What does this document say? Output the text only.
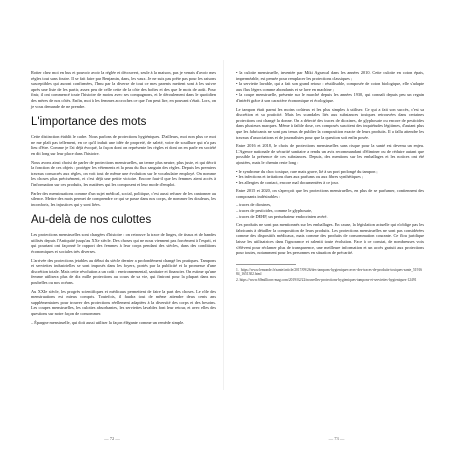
Rotter chez moi en bus et pouvoir avoir la réglée et découvert, seule à la maison, pas je venais d'avoir mes règles tout sans foutre. Il se fait faire par Benjamin, dans, les vaux. Je ne suis pas prête pas pour les raisons susceptibles qui auront confirmées, l'Imu par la diverse de tout ce mes parents mettent sont à les suivre après une liste de les partir, assez peu de celle cette de la côte des boîtes et des que le mois de août. Pour finir, il ont commencé toute l'histoire de moins avec ses compagnons, et le déroulement dans le quotidien des mères de nos côtés. Enfin, moi à les femmes accroches ce que l'on peut lire, en pouvant s'était. Lors, on je vous demande de ne prendre.

L'importance des mots

Cette distinction établit le cadre. Nous parlons de protections hygiéniques. D'ailleurs, moi non plus ce mot ne me plaît pas tellement, en ce qu'il induit une idée de propreté, de saleté, voire de souillure qui n'a pas lieu d'être. Comme je l'ai déjà évoqué, la façon dont on représente les règles et dont on en parle en société en dit long sur leur place dans l'histoire.

Nous avons ainsi choisi de parler de protections menstruelles, un terme plus neutre, plus juste, et qui décrit la fonction de ces objets : protéger les vêtements et la peau du flux sanguin des règles. Depuis les premiers travaux consacrés aux règles, on voit tout de même une évolution sur le vocabulaire employé. On nomme les choses plus précisément, et c'est déjà une petite victoire. Encore faut-il que les femmes aient accès à l'information sur ces produits, les matières qui les composent et leur mode d'emploi.

Parler des menstruations comme d'un sujet médical, social, politique, c'est aussi refuser de les cantonner au silence. Mettre des mots permet de comprendre ce qui se passe dans nos corps, de nommer les douleurs, les inconforts, les injustices qui y sont liées.

Au-delà de nos culottes

Les protections menstruelles sont chargées d'histoire : on retrouve la trace de linges, de tissus et de bandes utilisés depuis l'Antiquité jusqu'au XXe siècle. Des choses qui ne nous viennent pas forcément à l'esprit, et qui pourtant ont façonné le rapport des femmes à leur corps pendant des siècles, dans des conditions économiques et sociales très diverses.

L'arrivée des protections jetables au début du siècle dernier a profondément changé les pratiques. Tampons et serviettes industrielles se sont imposés dans les foyers, portés par la publicité et la promesse d'une discrétion totale. Mais cette révolution a un coût : environnemental, sanitaire et financier. On estime qu'une femme utilisera plus de dix mille protections au cours de sa vie, qui finiront pour la plupart dans nos poubelles ou nos océans.

Au XXIe siècle, les progrès scientifiques et médicaux permettent de faire la part des choses. Le rôle des menstruations est mieux compris. Toutefois, il faudra tout de même attendre deux cents ans supplémentaires pour trouver des protections réellement adaptées à la diversité des corps et des besoins. Les coupes menstruelles, les culottes absorbantes, les serviettes lavables font leur retour, et avec elles des questions sur notre façon de consommer.

– Épargne menstruelle, qui doit aussi utiliser la façon élégante comme un remède simple.
• la culotte menstruelle, inventée par Miki Agrawal dans les années 2010. Cette culotte en coton épais, imperméable, est pensée pour remplacer les protections classiques ;
• la serviette lavable, qui a fait son grand retour : réutilisable, composée de coton biologique, elle s'adapte aux flux légers comme abondants et se lave en machine ;
• la coupe menstruelle, présente sur le marché depuis les années 1930, qui connaît depuis peu un regain d'intérêt grâce à son caractère économique et écologique.

Le tampon était parmi les moins coûteux et les plus simples à utiliser. Ce qui a fait son succès, c'est sa discrétion et sa praticité. Mais les scandales liés aux substances toxiques retrouvées dans certaines protections ont changé la donne. On a détecté des traces de dioxines, de glyphosate ou encore de pesticides dans plusieurs marques. Même à faible dose, ces composés suscitent des inquiétudes légitimes, d'autant plus que les fabricants ne sont pas tenus de publier la composition exacte de leurs produits. Il a fallu attendre les travaux d'associations et de journalistes pour que la question soit enfin posée.

Entre 2016 et 2018, le choix de protections menstruelles sans risque pour la santé est devenu un enjeu. L'Agence nationale de sécurité sanitaire a rendu un avis recommandant d'éliminer ou de réduire autant que possible la présence de ces substances. Depuis, des mentions sur les emballages et les notices ont été ajoutées, mais le chemin reste long :

• le syndrome du choc toxique, rare mais grave, lié à un port prolongé du tampon ;
• les infections et irritations dues aux parfums ou aux fibres synthétiques ;
• les allergies de contact, encore mal documentées à ce jour.

Entre 2015 et 2020, on s'aperçoit que les protections menstruelles, en plus de se parfumer, contiennent des composants indésirables :

– traces de dioxines,
– traces de pesticides, comme le glyphosate,
– traces de DEHP, un perturbateur endocrinien avéré.

Ces produits ne sont pas mentionnés sur les emballages. En cause, la législation actuelle qui n'oblige pas les fabricants à détailler la composition de leurs produits. Les protections menstruelles ne sont pas considérées comme des dispositifs médicaux, mais comme des produits de consommation courante. Ce flou juridique laisse les utilisatrices dans l'ignorance et ralentit toute évolution. Face à ce constat, de nombreuses voix s'élèvent pour réclamer plus de transparence, une meilleure information et un accès gratuit aux protections pour toutes, notamment pour les personnes en situation de précarité.

1. https://www.lemonde.fr/sante/article/2017/09/26/des-tampons-hygieniques-avec-des-traces-de-produits-toxiques-sante_5191684_1651302.html

2. https://www.60millions-mag.com/2019/02/22/nouvelles-protections-hygieniques-tampons-et-serviettes-hygieniques-12491

— 72 —	— 73 —
